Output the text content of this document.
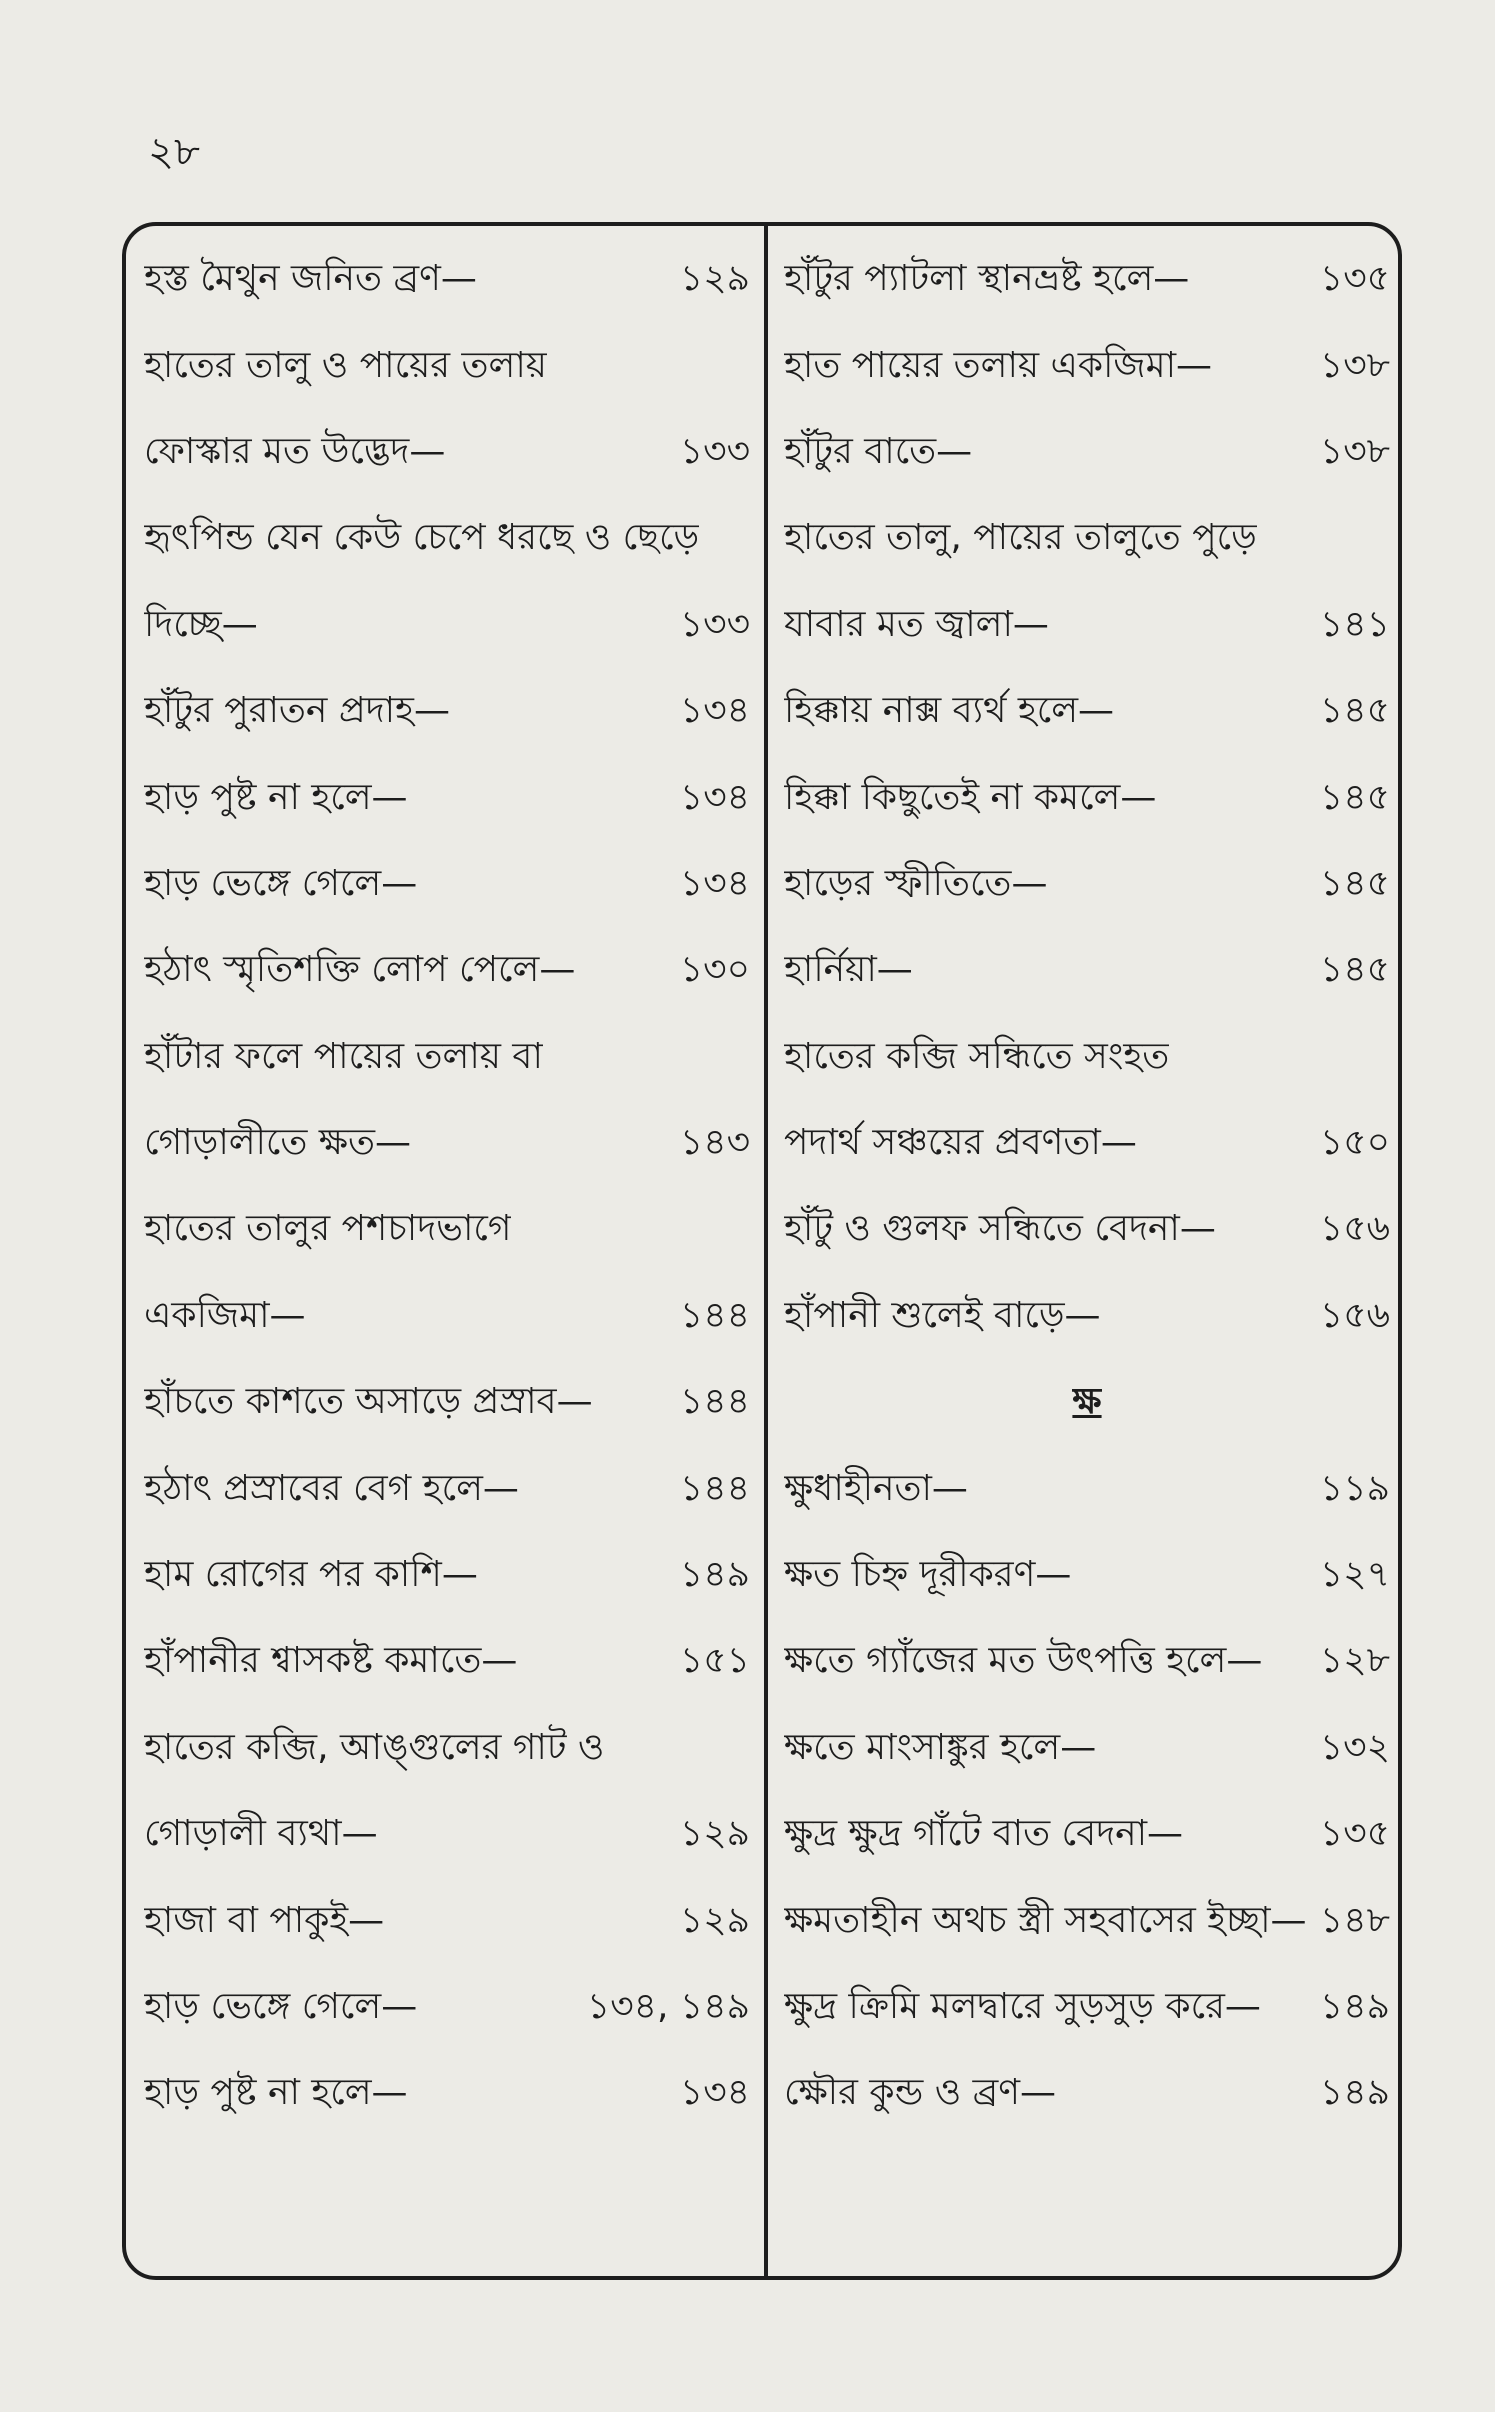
২৮
হস্ত মৈথুন জনিত ব্রণ—	১২৯
হাতের তালু ও পায়ের তলায়
ফোস্কার মত উদ্ভেদ—	১৩৩
হৃৎপিন্ড যেন কেউ চেপে ধরছে ও ছেড়ে
দিচ্ছে—	১৩৩
হাঁটুর পুরাতন প্রদাহ—	১৩৪
হাড় পুষ্ট না হলে—	১৩৪
হাড় ভেঙ্গে গেলে—	১৩৪
হঠাৎ স্মৃতিশক্তি লোপ পেলে—	১৩০
হাঁটার ফলে পায়ের তলায় বা
গোড়ালীতে ক্ষত—	১৪৩
হাতের তালুর পশচাদভাগে
একজিমা—	১৪৪
হাঁচতে কাশতে অসাড়ে প্রস্রাব— ১৪৪
হঠাৎ প্রস্রাবের বেগ হলে—	১৪৪
হাম রোগের পর কাশি—	১৪৯
হাঁপানীর শ্বাসকষ্ট কমাতে—	১৫১
হাতের কব্জি, আঙ্গুলের গাট ও
গোড়ালী ব্যথা—	১২৯
হাজা বা পাকুই—	১২৯
হাড় ভেঙ্গে গেলে—	১৩৪, ১৪৯
হাড় পুষ্ট না হলে—	১৩৪
হাঁটুর প্যাটলা স্থানভ্রষ্ট হলে—	১৩৫
হাত পায়ের তলায় একজিমা—	১৩৮
হাঁটুর বাতে—	১৩৮
হাতের তালু, পায়ের তালুতে পুড়ে
যাবার মত জ্বালা—	১৪১
হিক্কায় নাক্স ব্যর্থ হলে—	১৪৫
হিক্কা কিছুতেই না কমলে—	১৪৫
হাড়ের স্ফীতিতে—	১৪৫
হার্নিয়া—	১৪৫
হাতের কব্জি সন্ধিতে সংহত
পদার্থ সঞ্চয়ের প্রবণতা—	১৫০
হাঁটু ও গুলফ সন্ধিতে বেদনা—	১৫৬
হাঁপানী শুলেই বাড়ে—	১৫৬
ক্ষ
ক্ষুধাহীনতা—	১১৯
ক্ষত চিহ্ন দূরীকরণ—	১২৭
ক্ষতে গ্যাঁজের মত উৎপত্তি হলে— ১২৮
ক্ষতে মাংসাঙ্কুর হলে—	১৩২
ক্ষুদ্র ক্ষুদ্র গাঁটে বাত বেদনা—	১৩৫
ক্ষমতাহীন অথচ স্ত্রী সহবাসের ইচ্ছা— ১৪৮
ক্ষুদ্র ক্রিমি মলদ্বারে সুড়সুড় করে— ১৪৯
ক্ষৌর কুন্ড ও ব্রণ—	১৪৯
